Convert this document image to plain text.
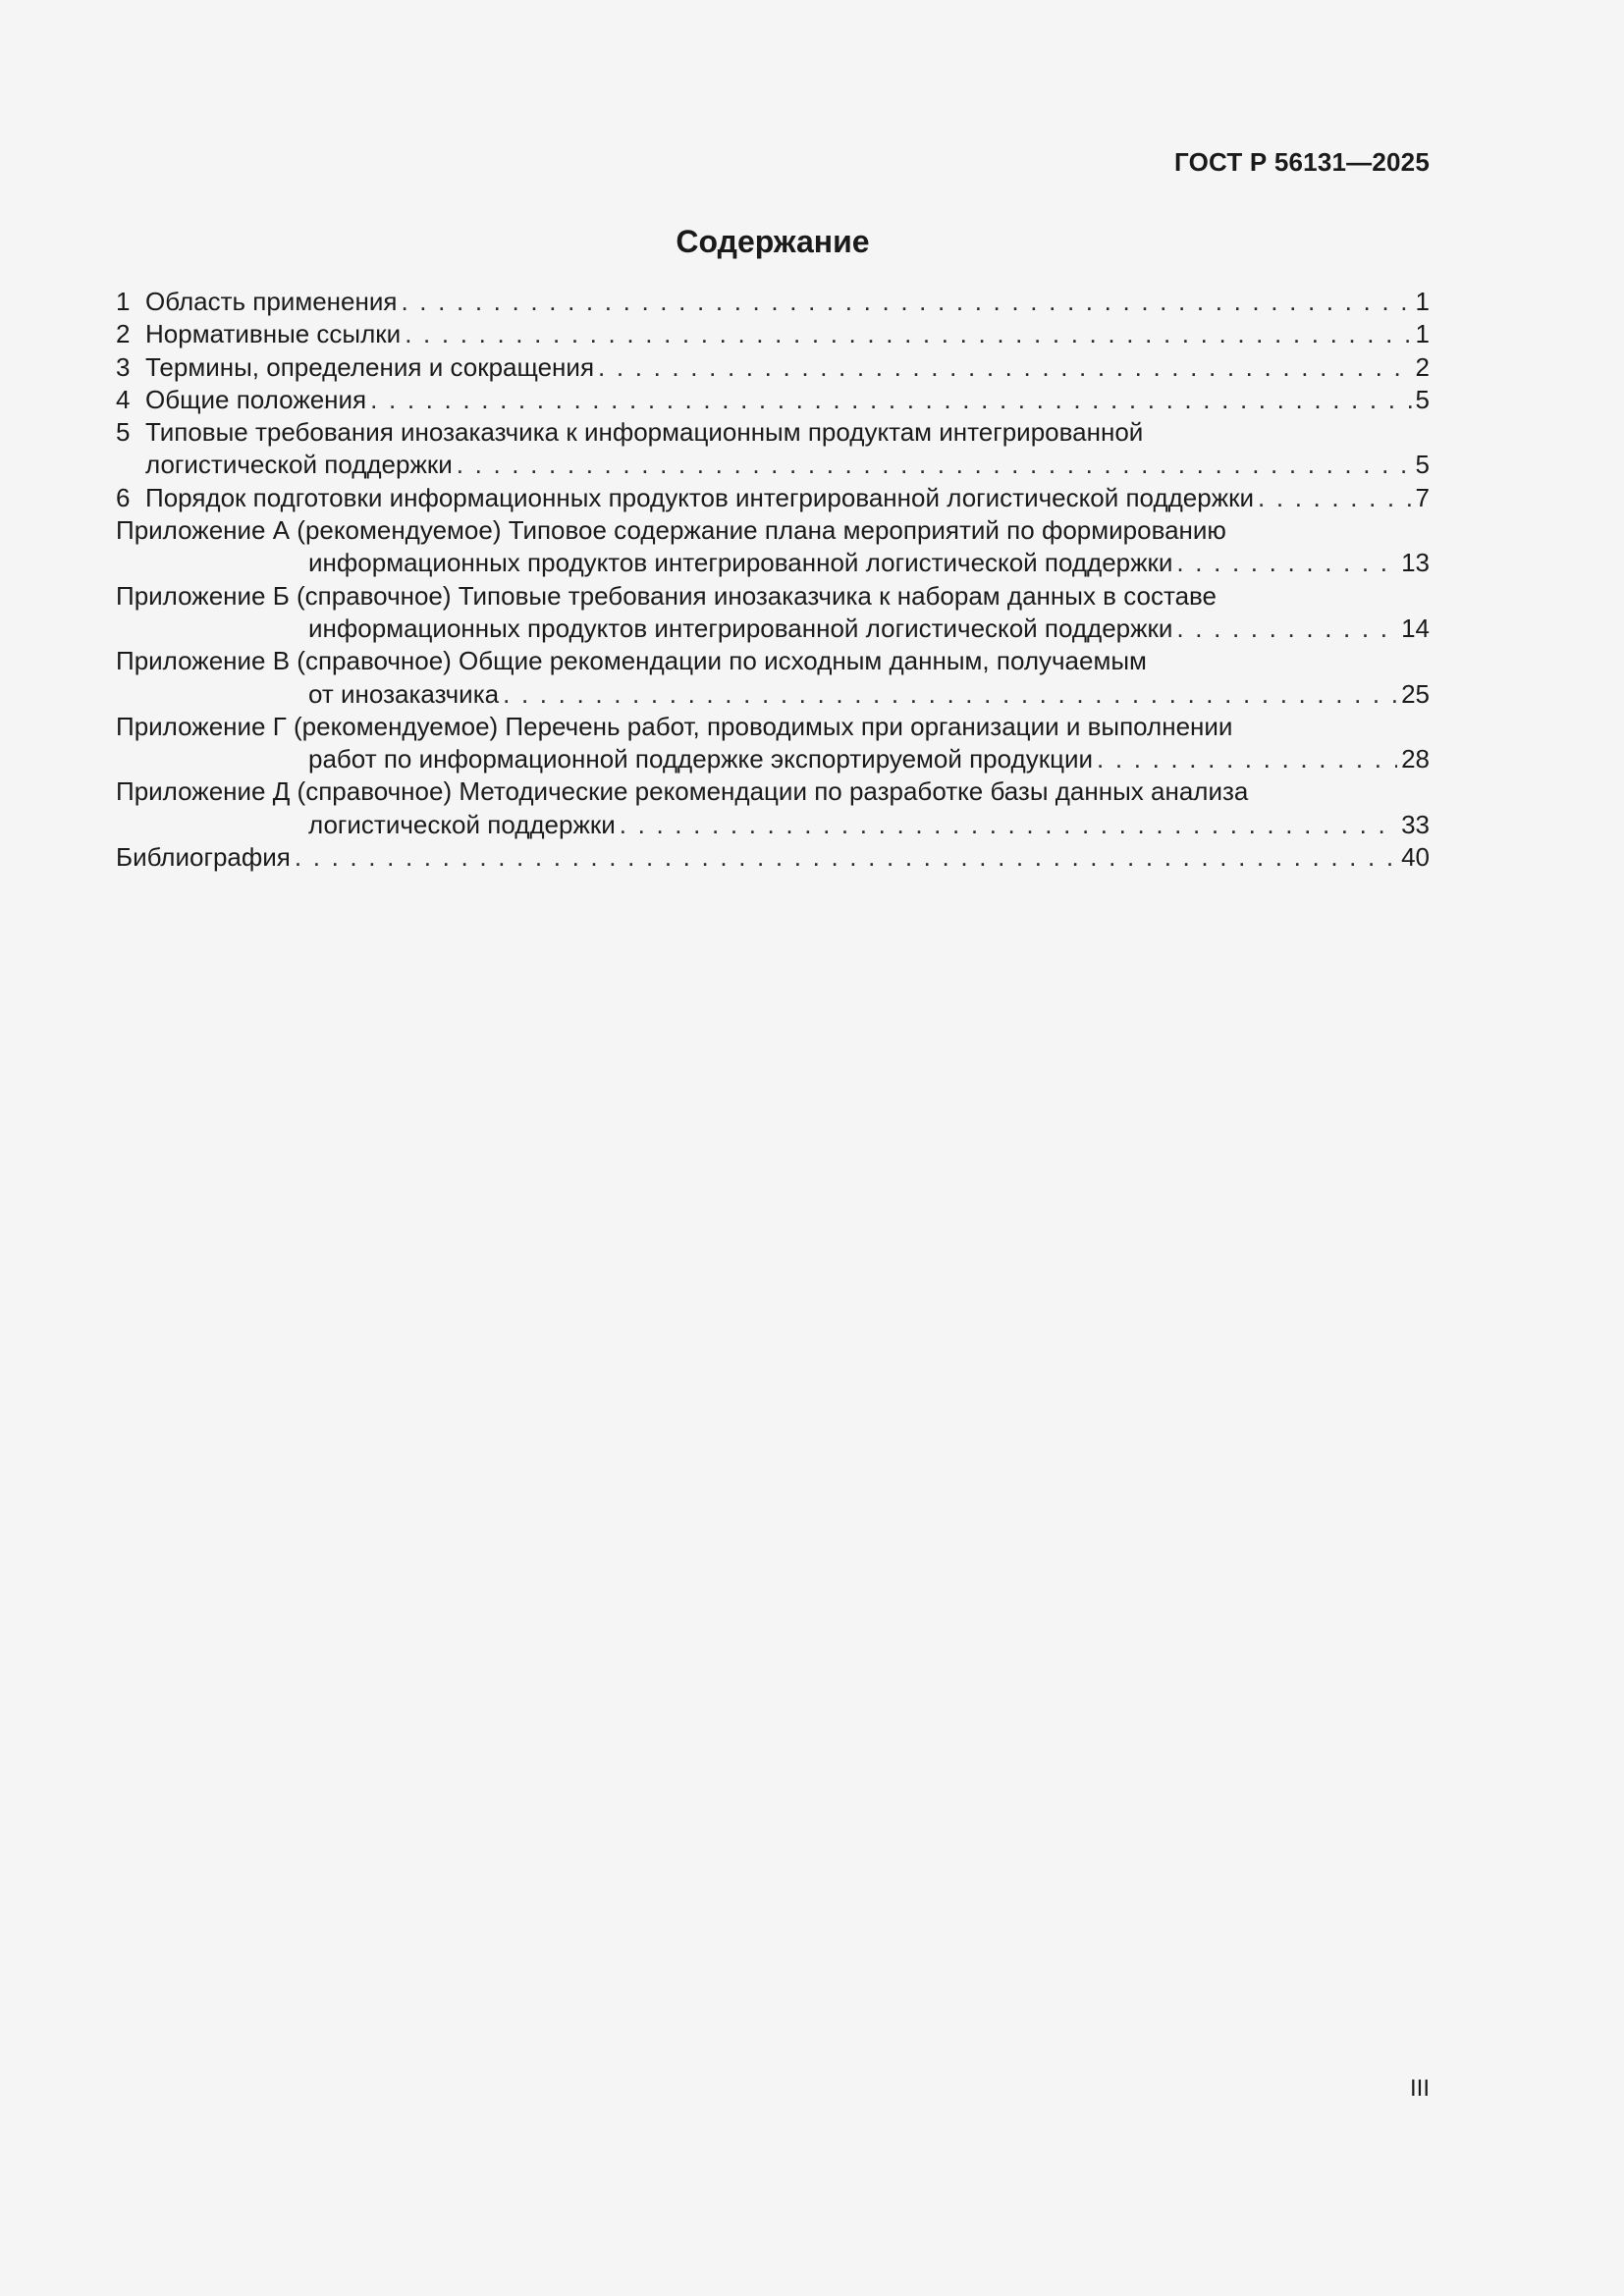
ГОСТ Р 56131—2025
Содержание
1 Область применения . . .	1
2 Нормативные ссылки . . .	1
3 Термины, определения и сокращения . . .	2
4 Общие положения . . .	5
5 Типовые требования инозаказчика к информационным продуктам интегрированной
логистической поддержки . . .	5
6 Порядок подготовки информационных продуктов интегрированной логистической поддержки . . .	7
Приложение А (рекомендуемое) Типовое содержание плана мероприятий по формированию
информационных продуктов интегрированной логистической поддержки . . .	13
Приложение Б (справочное) Типовые требования инозаказчика к наборам данных в составе
информационных продуктов интегрированной логистической поддержки . . .	14
Приложение В (справочное) Общие рекомендации по исходным данным, получаемым
от инозаказчика . . .	25
Приложение Г (рекомендуемое) Перечень работ, проводимых при организации и выполнении
работ по информационной поддержке экспортируемой продукции . . .	28
Приложение Д (справочное) Методические рекомендации по разработке базы данных анализа
логистической поддержки . . .	33
Библиография . . .	40
III
